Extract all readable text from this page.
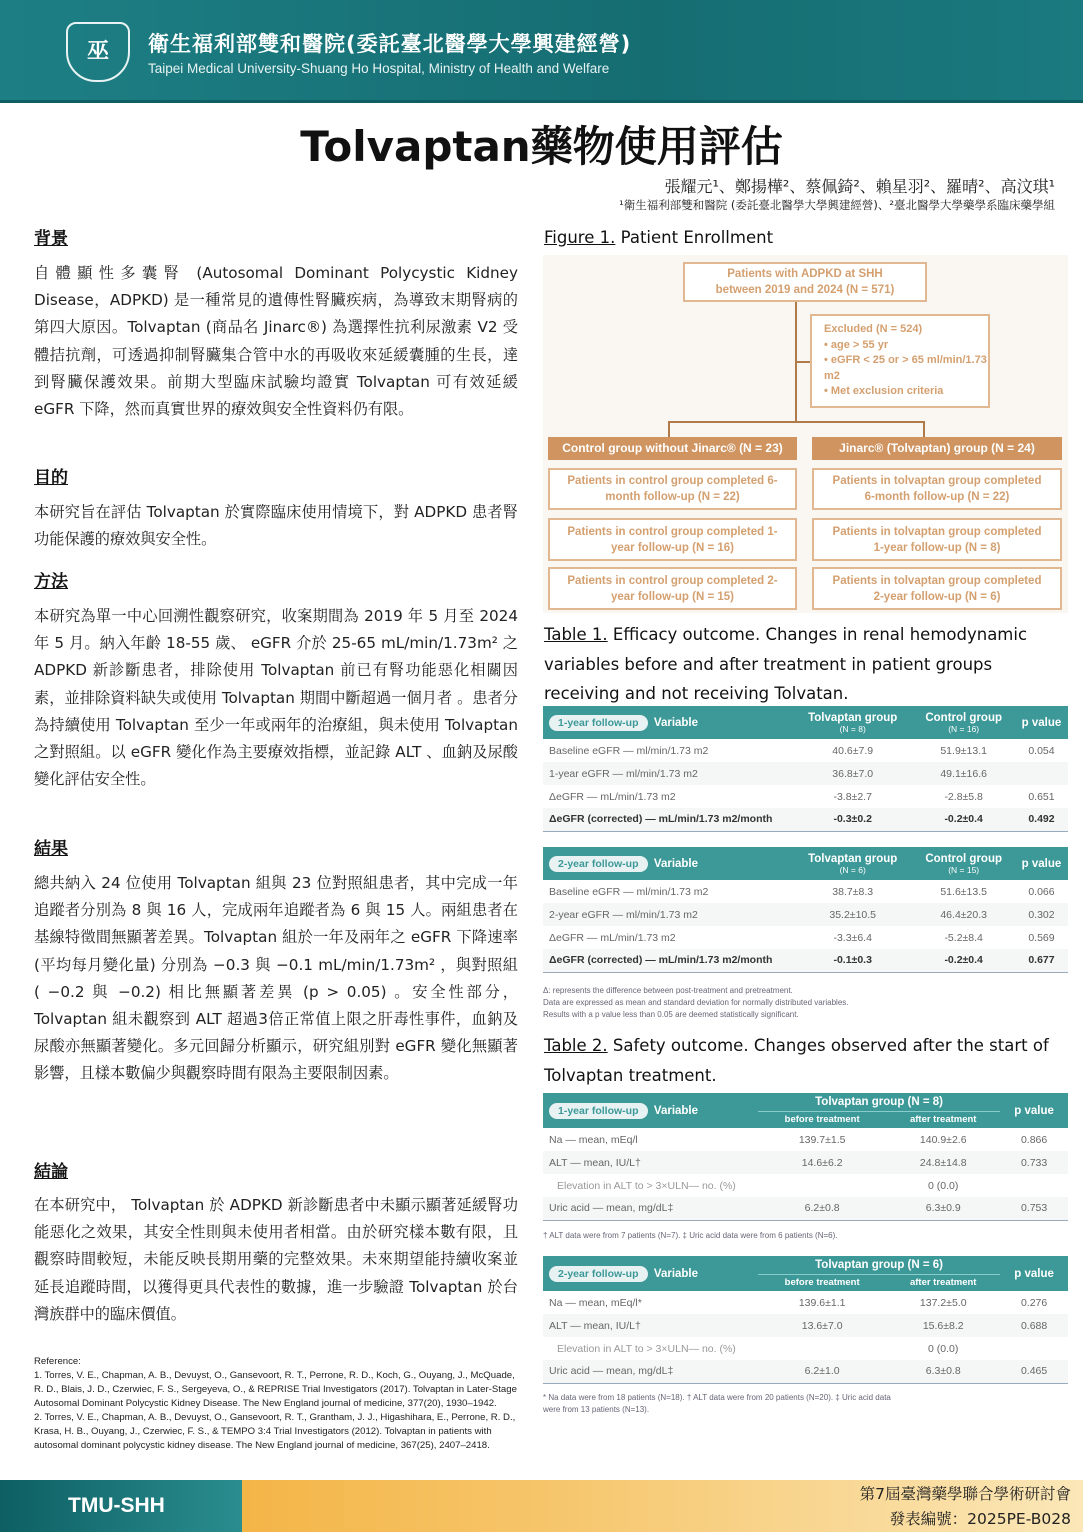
巫	衛生福利部雙和醫院(委託臺北醫學大學興建經營)
Taipei Medical University-Shuang Ho Hospital, Ministry of Health and Welfare
Tolvaptan藥物使用評估
張耀元¹、鄭揚樺²、蔡佩錡²、賴星羽²、羅晴²、高汶琪¹
¹衛生福利部雙和醫院 (委託臺北醫學大學興建經營)、²臺北醫學大學藥學系臨床藥學組
背景
自體顯性多囊腎 (Autosomal Dominant Polycystic Kidney Disease，ADPKD) 是一種常見的遺傳性腎臟疾病，為導致末期腎病的第四大原因。Tolvaptan (商品名 Jinarc®) 為選擇性抗利尿激素 V2 受體拮抗劑，可透過抑制腎臟集合管中水的再吸收來延緩囊腫的生長，達到腎臟保護效果。前期大型臨床試驗均證實 Tolvaptan 可有效延緩 eGFR 下降，然而真實世界的療效與安全性資料仍有限。
目的
本研究旨在評估 Tolvaptan 於實際臨床使用情境下，對 ADPKD 患者腎功能保護的療效與安全性。
方法
本研究為單一中心回溯性觀察研究，收案期間為 2019 年 5 月至 2024 年 5 月。納入年齡 18-55 歲、 eGFR 介於 25-65 mL/min/1.73m² 之 ADPKD 新診斷患者，排除使用 Tolvaptan 前已有腎功能惡化相關因素，並排除資料缺失或使用 Tolvaptan 期間中斷超過一個月者 。患者分為持續使用 Tolvaptan 至少一年或兩年的治療組，與未使用 Tolvaptan 之對照組。以 eGFR 變化作為主要療效指標，並記錄 ALT 、血鈉及尿酸變化評估安全性。
結果
總共納入 24 位使用 Tolvaptan 組與 23 位對照組患者，其中完成一年追蹤者分別為 8 與 16 人，完成兩年追蹤者為 6 與 15 人。兩組患者在基線特徵間無顯著差異。Tolvaptan 組於一年及兩年之 eGFR 下降速率 (平均每月變化量) 分別為 −0.3 與 −0.1 mL/min/1.73m² ，與對照組 ( −0.2 與 −0.2) 相比無顯著差異 (p > 0.05) 。安全性部分， Tolvaptan 組未觀察到 ALT 超過3倍正常值上限之肝毒性事件，血鈉及尿酸亦無顯著變化。多元回歸分析顯示，研究組別對 eGFR 變化無顯著影響，且樣本數偏少與觀察時間有限為主要限制因素。
結論
在本研究中， Tolvaptan 於 ADPKD 新診斷患者中未顯示顯著延緩腎功能惡化之效果，其安全性則與未使用者相當。由於研究樣本數有限，且觀察時間較短，未能反映長期用藥的完整效果。未來期望能持續收案並延長追蹤時間，以獲得更具代表性的數據，進一步驗證 Tolvaptan 於台灣族群中的臨床價值。
Reference:
1. Torres, V. E., Chapman, A. B., Devuyst, O., Gansevoort, R. T., Perrone, R. D., Koch, G., Ouyang, J., McQuade, R. D., Blais, J. D., Czerwiec, F. S., Sergeyeva, O., & REPRISE Trial Investigators (2017). Tolvaptan in Later-Stage Autosomal Dominant Polycystic Kidney Disease. The New England journal of medicine, 377(20), 1930–1942.
2. Torres, V. E., Chapman, A. B., Devuyst, O., Gansevoort, R. T., Grantham, J. J., Higashihara, E., Perrone, R. D., Krasa, H. B., Ouyang, J., Czerwiec, F. S., & TEMPO 3:4 Trial Investigators (2012). Tolvaptan in patients with autosomal dominant polycystic kidney disease. The New England journal of medicine, 367(25), 2407–2418.
Figure 1. Patient Enrollment
Patients with ADPKD at SHH between 2019 and 2024 (N = 571)
Excluded (N = 524)
• age > 55 yr
• eGFR < 25 or > 65 ml/min/1.73 m2
• Met exclusion criteria
Control group without Jinarc® (N = 23)	Jinarc® (Tolvaptan) group (N = 24)
Patients in control group completed 6-month follow-up (N = 22)
Patients in control group completed 1-year follow-up (N = 16)
Patients in control group completed 2-year follow-up (N = 15)
Patients in tolvaptan group completed 6-month follow-up (N = 22)
Patients in tolvaptan group completed 1-year follow-up (N = 8)
Patients in tolvaptan group completed 2-year follow-up (N = 6)
Table 1. Efficacy outcome. Changes in renal hemodynamic variables before and after treatment in patient groups receiving and not receiving Tolvatan.
1-year follow-up Variable	Tolvaptan group
(N = 8)	Control group
(N = 16)	p value
Baseline eGFR — ml/min/1.73 m2	40.6±7.9	51.9±13.1	0.054
1-year eGFR — ml/min/1.73 m2	36.8±7.0	49.1±16.6	
ΔeGFR — mL/min/1.73 m2	-3.8±2.7	-2.8±5.8	0.651
ΔeGFR (corrected) — mL/min/1.73 m2/month	-0.3±0.2	-0.2±0.4	0.492
2-year follow-up Variable	Tolvaptan group
(N = 6)	Control group
(N = 15)	p value
Baseline eGFR — ml/min/1.73 m2	38.7±8.3	51.6±13.5	0.066
2-year eGFR — ml/min/1.73 m2	35.2±10.5	46.4±20.3	0.302
ΔeGFR — mL/min/1.73 m2	-3.3±6.4	-5.2±8.4	0.569
ΔeGFR (corrected) — mL/min/1.73 m2/month	-0.1±0.3	-0.2±0.4	0.677
Δ: represents the difference between post-treatment and pretreatment.
Data are expressed as mean and standard deviation for normally distributed variables.
Results with a p value less than 0.05 are deemed statistically significant.
Table 2. Safety outcome. Changes observed after the start of Tolvaptan treatment.
1-year follow-up Variable	Tolvaptan group (N = 8)		p value
	before treatment	after treatment	
Na — mean, mEq/l	139.7±1.5	140.9±2.6	0.866
ALT — mean, IU/L†	14.6±6.2	24.8±14.8	0.733
Elevation in ALT to > 3×ULN— no. (%)		0 (0.0)	
Uric acid — mean, mg/dL‡	6.2±0.8	6.3±0.9	0.753
† ALT data were from 7 patients (N=7). ‡ Uric acid data were from 6 patients (N=6).
2-year follow-up Variable	Tolvaptan group (N = 6)		p value
	before treatment	after treatment	
Na — mean, mEq/l*	139.6±1.1	137.2±5.0	0.276
ALT — mean, IU/L†	13.6±7.0	15.6±8.2	0.688
Elevation in ALT to > 3×ULN— no. (%)		0 (0.0)	
Uric acid — mean, mg/dL‡	6.2±1.0	6.3±0.8	0.465
* Na data were from 18 patients (N=18). † ALT data were from 20 patients (N=20). ‡ Uric acid data were from 13 patients (N=13).
TMU-SHH	第7屆臺灣藥學聯合學術研討會
發表編號：2025PE-B028
